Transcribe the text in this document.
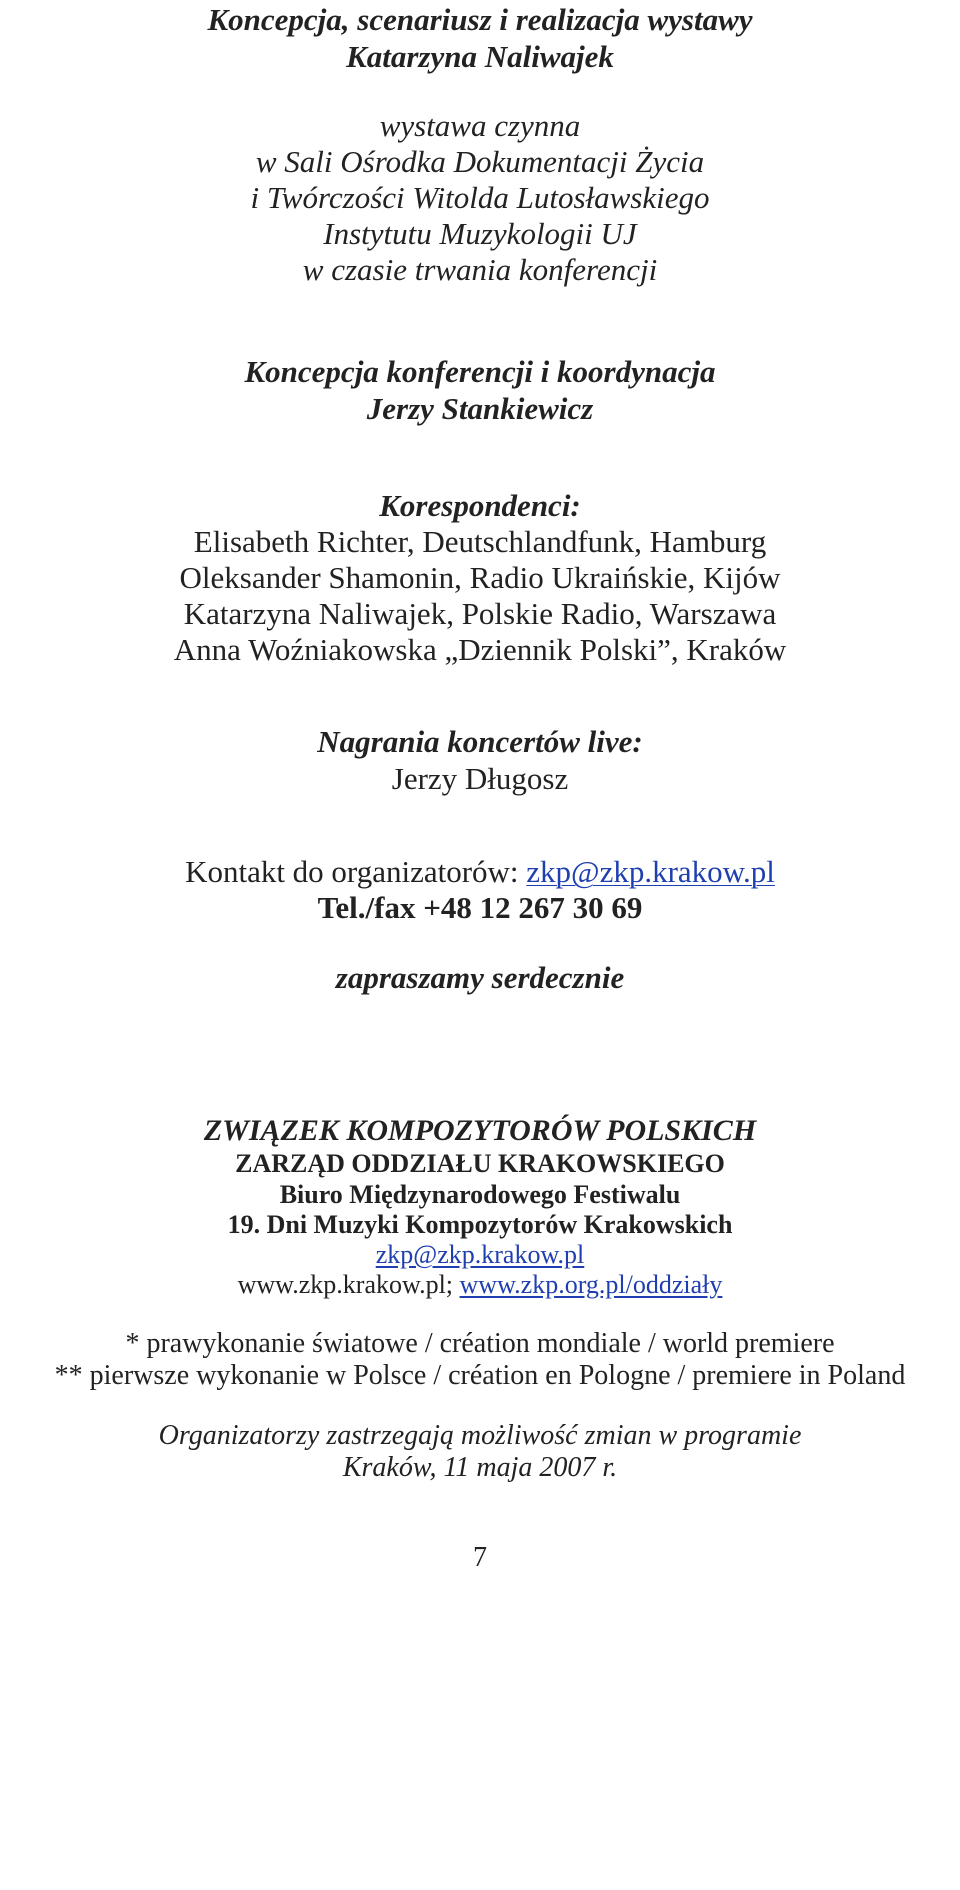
Koncepcja, scenariusz i realizacja wystawy
Katarzyna Naliwajek
wystawa czynna
w Sali Ośrodka Dokumentacji Życia
i Twórczości Witolda Lutosławskiego
Instytutu Muzykologii UJ
w czasie trwania konferencji
Koncepcja konferencji i koordynacja
Jerzy Stankiewicz
Korespondenci:
Elisabeth Richter, Deutschlandfunk, Hamburg
Oleksander Shamonin, Radio Ukraińskie, Kijów
Katarzyna Naliwajek, Polskie Radio, Warszawa
Anna Woźniakowska „Dziennik Polski”, Kraków
Nagrania koncertów live:
Jerzy Długosz
Kontakt do organizatorów: zkp@zkp.krakow.pl
Tel./fax +48 12 267 30 69
zapraszamy serdecznie
ZWIĄZEK KOMPOZYTORÓW POLSKICH
ZARZĄD ODDZIAŁU KRAKOWSKIEGO
Biuro Międzynarodowego Festiwalu
19. Dni Muzyki Kompozytorów Krakowskich
zkp@zkp.krakow.pl
www.zkp.krakow.pl; www.zkp.org.pl/oddziały
* prawykonanie światowe / création mondiale / world premiere
** pierwsze wykonanie w Polsce / création en Pologne / premiere in Poland
Organizatorzy zastrzegają możliwość zmian w programie
Kraków, 11 maja 2007 r.
7
